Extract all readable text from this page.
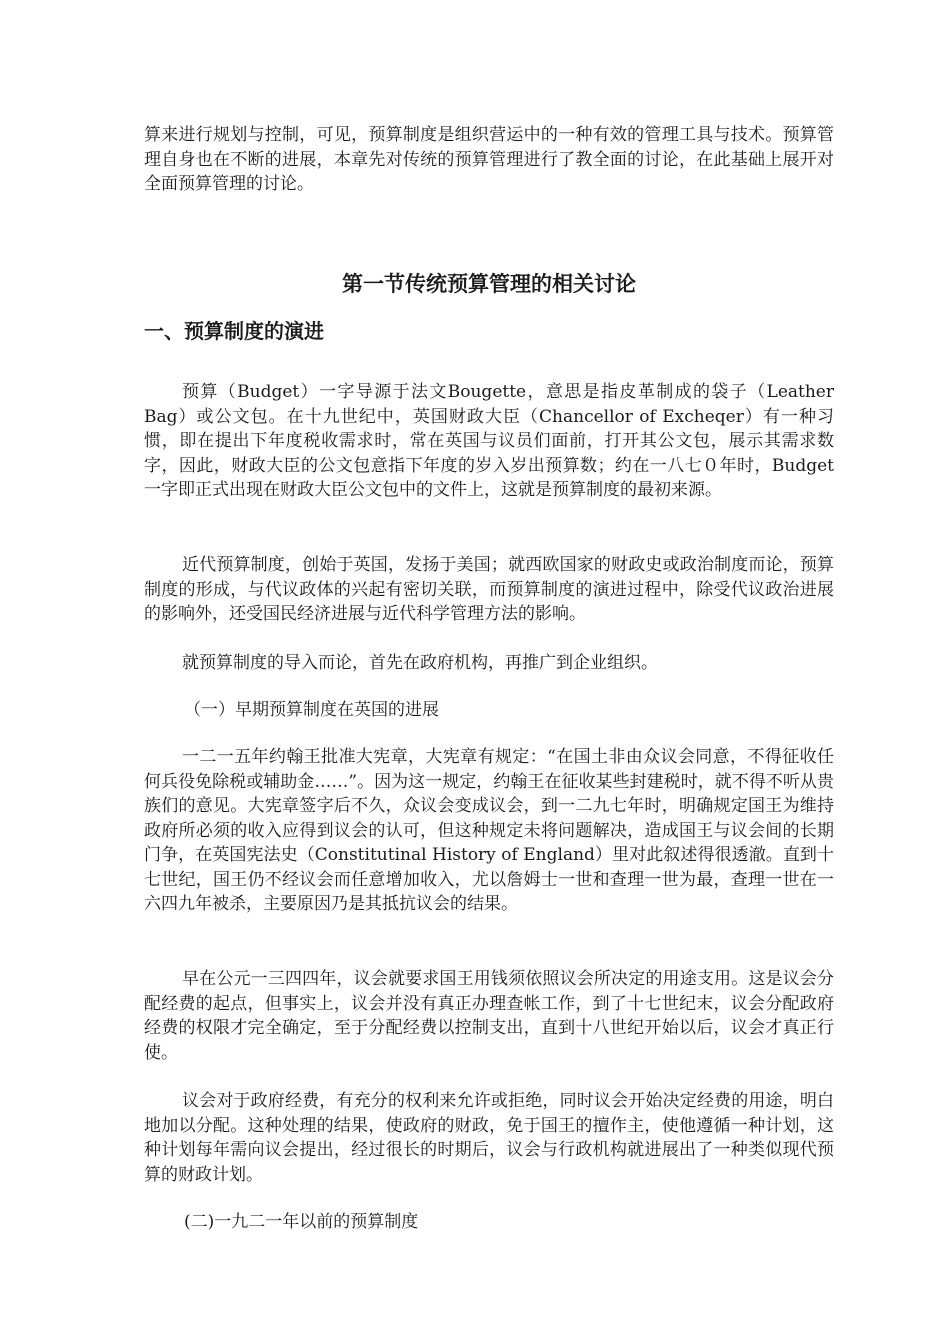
算来进行规划与控制，可见，预算制度是组织营运中的一种有效的管理工具与技术。预算管理自身也在不断的进展，本章先对传统的预算管理进行了教全面的讨论，在此基础上展开对全面预算管理的讨论。

第一节传统预算管理的相关讨论
一、预算制度的演进

预算（Budget）一字导源于法文Bougette，意思是指皮革制成的袋子（Leather Bag）或公文包。在十九世纪中，英国财政大臣（Chancellor of Excheqer）有一种习惯，即在提出下年度税收需求时，常在英国与议员们面前，打开其公文包，展示其需求数字，因此，财政大臣的公文包意指下年度的岁入岁出预算数；约在一八七０年时，Budget一字即正式出现在财政大臣公文包中的文件上，这就是预算制度的最初来源。

近代预算制度，创始于英国，发扬于美国；就西欧国家的财政史或政治制度而论，预算制度的形成，与代议政体的兴起有密切关联，而预算制度的演进过程中，除受代议政治进展的影响外，还受国民经济进展与近代科学管理方法的影响。

就预算制度的导入而论，首先在政府机构，再推广到企业组织。

（一）早期预算制度在英国的进展

一二一五年约翰王批准大宪章，大宪章有规定：“在国土非由众议会同意，不得征收任何兵役免除税或辅助金……”。因为这一规定，约翰王在征收某些封建税时，就不得不听从贵族们的意见。大宪章签字后不久，众议会变成议会，到一二九七年时，明确规定国王为维持政府所必须的收入应得到议会的认可，但这种规定未将问题解决，造成国王与议会间的长期门争，在英国宪法史（Constitutinal History of England）里对此叙述得很透澈。直到十七世纪，国王仍不经议会而任意增加收入，尤以詹姆士一世和查理一世为最，查理一世在一六四九年被杀，主要原因乃是其抵抗议会的结果。

早在公元一三四四年，议会就要求国王用钱须依照议会所决定的用途支用。这是议会分配经费的起点，但事实上，议会并没有真正办理查帐工作，到了十七世纪末，议会分配政府经费的权限才完全确定，至于分配经费以控制支出，直到十八世纪开始以后，议会才真正行使。

议会对于政府经费，有充分的权利来允许或拒绝，同时议会开始决定经费的用途，明白地加以分配。这种处理的结果，使政府的财政，免于国王的擅作主，使他遵循一种计划，这种计划每年需向议会提出，经过很长的时期后，议会与行政机构就进展出了一种类似现代预算的财政计划。

(二)一九二一年以前的预算制度
